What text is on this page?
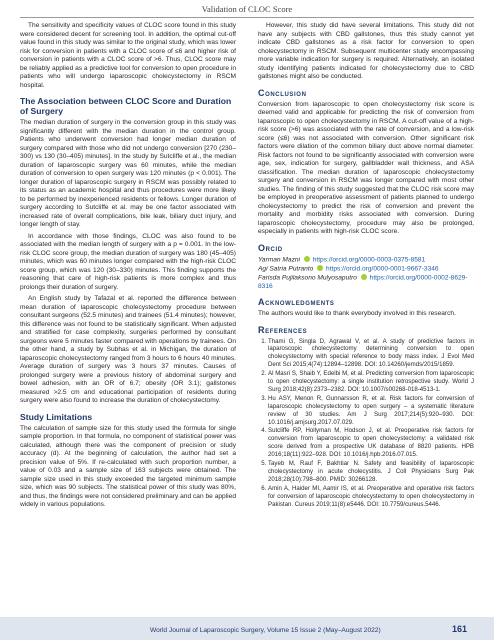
Validation of CLOC Score

The sensitivity and specificity values of CLOC score found in this study were considered decent for screening tool. In addition, the optimal cut-off value found in this study was similar to the original study, which was lower risk for conversion in patients with a CLOC score of ≤6 and higher risk of conversion in patients with a CLOC score of >6. Thus, CLOC score may be reliably applied as a predictive tool for conversion to open procedure in patients who will undergo laparoscopic cholecystectomy in RSCM hospital.

The Association between CLOC Score and Duration of Surgery

The median duration of surgery in the conversion group in this study was significantly different with the median duration in the control group. Patients who underwent conversion had longer median duration of surgery compared with those who did not undergo conversion [270 (230–300) vs 130 (30–405) minutes]. In the study by Sutcliffe et al., the median duration of laparoscopic surgery was 60 minutes, while the median duration of conversion to open surgery was 120 minutes (p < 0.001). The longer duration of laparoscopic surgery in RSCM was possibly related to its status as an academic hospital and thus procedures were more likely to be performed by inexperienced residents or fellows. Longer duration of surgery according to Sutcliffe et al. may be one factor associated with increased rate of overall complications, bile leak, biliary duct injury, and longer length of stay.

In accordance with those findings, CLOC was also found to be associated with the median length of surgery with a p = 0.001. In the low-risk CLOC score group, the median duration of surgery was 180 (45–405) minutes, which was 60 minutes longer compared with the high-risk CLOC score group, which was 120 (30–330) minutes. This finding supports the reasoning that care of high-risk patients is more complex and thus prolongs their duration of surgery.

An English study by Tafazal et al. reported the difference between mean duration of laparoscopic cholecystectomy procedure between consultant surgeons (52.5 minutes) and trainees (51.4 minutes); however, this difference was not found to be statistically significant. When adjusted and stratified for case complexity, surgeries performed by consultant surgeons were 5 minutes faster compared with operations by trainees. On the other hand, a study by Subhas et al. in Michigan, the duration of laparoscopic cholecystectomy ranged from 3 hours to 6 hours 40 minutes. Average duration of surgery was 3 hours 37 minutes. Causes of prolonged surgery were a previous history of abdominal surgery and bowel adhesion, with an OR of 6.7; obesity (OR 3.1); gallstones measured >2.5 cm and educational participation of residents during surgery were also found to increase the duration of cholecystectomy.

Study Limitations

The calculation of sample size for this study used the formula for single sample proportion. In that formula, no component of statistical power was calculated, although there was the component of precision or study accuracy (d). At the beginning of calculation, the author had set a precision value of 5%. If re-calculated with such proportion number, a value of 0.03 and a sample size of 163 subjects were obtained. The sample size used in this study exceeded the targeted minimum sample size, which was 90 subjects. The statistical power of this study was 80%, and thus, the findings were not considered preliminary and can be applied widely in various populations.

However, this study did have several limitations. This study did not have any subjects with CBD gallstones, thus this study cannot yet indicate CBD gallstones as a risk factor for conversion to open cholecystectomy in RSCM. Subsequent multicenter study encompassing more variable indication for surgery is required. Alternatively, an isolated study identifying patients indicated for cholecystectomy due to CBD gallstones might also be conducted.

Conclusion

Conversion from laparoscopic to open cholecystectomy risk score is deemed valid and applicable for predicting the risk of conversion from laparoscopic to open cholecystectomy in RSCM. A cut-off value of a high-risk score (>6) was associated with the rate of conversion, and a low-risk score (≤6) was not associated with conversion. Other significant risk factors were dilation of the common biliary duct above normal diameter. Risk factors not found to be significantly associated with conversion were age, sex, indication for surgery, gallbladder wall thickness, and ASA classification. The median duration of laparoscopic cholecystectomy surgery and conversion in RSCM was longer compared with most other studies. The finding of this study suggested that the CLOC risk score may be employed in preoperative assessment of patients planned to undergo cholecystectomy to predict the risk of conversion and prevent the mortality and morbidity risks associated with conversion. During laparoscopic cholecystectomy, procedure may also be prolonged, especially in patients with high-risk CLOC score.

Orcid
Yarman Mazni https://orcid.org/0000-0003-0375-8581
Agi Satria Putranto https://orcid.org/0000-0001-9667-3346
Farisda Pujilaksono Mulyosaputro https://orcid.org/0000-0002-8629-8316
Acknowledgments

The authors would like to thank everybody involved in this research.

References
1. Thami G, Singla D, Agrawal V, et al. A study of predictive factors in laparoscopic cholecystectomy determining conversion to open cholecystectomy with special reference to body mass index. J Evol Med Dent Sci 2015;4(74):12894–12898. DOI: 10.14260/jemds/2015/1859.
2. Al Masri S, Shaib Y, Edelbi M, et al. Predicting conversion from laparoscopic to open cholecystectomy: a single institution retrospective study. World J Surg 2018;42(8):2373–2382. DOI: 10.1007/s00268-018-4513-1.
3. Hu ASY, Menon R, Gunnarsson R, et al. Risk factors for conversion of laparoscopic cholecystectomy to open surgery – a systematic literature review of 30 studies. Am J Surg 2017;214(5):920–930. DOI: 10.1016/j.amjsurg.2017.07.029.
4. Sutcliffe RP, Hollyman M, Hodson J, et al. Preoperative risk factors for conversion from laparoscopic to open cholecystectomy: a validated risk score derived from a prospective UK database of 8820 patients. HPB 2016;18(11):922–928. DOI: 10.1016/j.hpb.2016.07.015.
5. Tayeb M, Rauf F, Bakhtiar N. Safety and feasibility of laparoscopic cholecystectomy in acute cholecystitis. J Coll Physicians Surg Pak 2018;28(10):798–800. PMID: 30266128.
6. Amin A, Haider MI, Aamir IS, et al. Preoperative and operative risk factors for conversion of laparoscopic cholecystectomy to open cholecystectomy in Pakistan. Cureus 2019;11(8):e5446. DOI: 10.7759/cureus.5446.
World Journal of Laparoscopic Surgery, Volume 15 Issue 2 (May–August 2022)	161
